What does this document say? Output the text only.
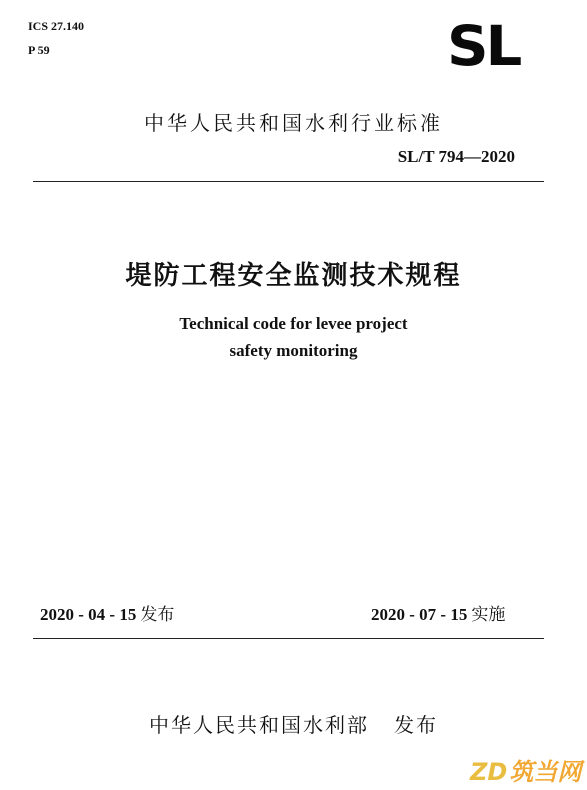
ICS 27.140
P 59	SL
中华人民共和国水利行业标准
SL/T 794—2020
堤防工程安全监测技术规程
Technical code for levee project
safety monitoring
2020 - 04 - 15 发布	2020 - 07 - 15 实施
中华人民共和国水利部   发布
ZD筑当网
